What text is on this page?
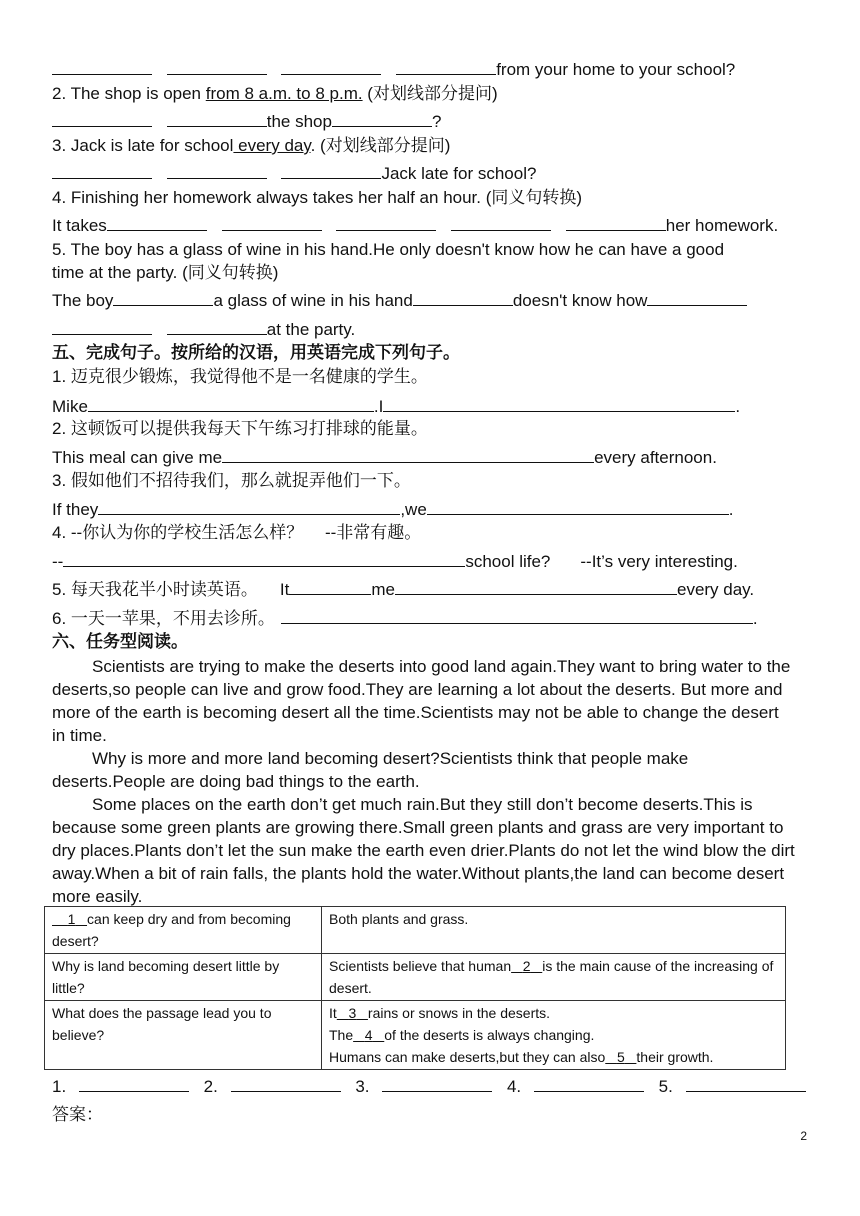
from your home to your school?
2. The shop is open from 8 a.m. to 8 p.m. (对划线部分提问)
the shop	?
3. Jack is late for school every day. (对划线部分提问)
Jack late for school?
4. Finishing her homework always takes her half an hour. (同义句转换)
It takes	her homework.
5. The boy has a glass of wine in his hand.He only doesn't know how he can have a good
time at the party. (同义句转换)
The boy	a glass of wine in his hand	doesn't know how
at the party.
五、完成句子。按所给的汉语，用英语完成下列句子。
1. 迈克很少锻炼，我觉得他不是一名健康的学生。
Mike	.I	.
2. 这顿饭可以提供我每天下午练习打排球的能量。
This meal can give me	every afternoon.
3. 假如他们不招待我们，那么就捉弄他们一下。
If they	,we	.
4. --你认为你的学校生活怎么样？　 --非常有趣。
--	school life? --It’s very interesting.
5. 每天我花半小时读英语。 It	me	every day.
6. 一天一苹果，不用去诊所。	.
六、任务型阅读。

Scientists are trying to make the deserts into good land again.They want to bring water to the deserts,so people can live and grow food.They are learning a lot about the deserts. But more and more of the earth is becoming desert all the time.Scientists may not be able to change the desert in time.

Why is more and more land becoming desert?Scientists think that people make deserts.People are doing bad things to the earth.

Some places on the earth don’t get much rain.But they still don’t become deserts.This is because some green plants are growing there.Small green plants and grass are very important to dry places.Plants don’t let the sun make the earth even drier.Plants do not let the wind blow the dirt away.When a bit of rain falls, the plants hold the water.Without plants,the land can become desert more easily.

1 can keep dry and from becoming desert?	Both plants and grass.
Why is land becoming desert little by little?	Scientists believe that human 2 is the main cause of the increasing of desert.
What does the passage lead you to believe?	It 3 rains or snows in the deserts.
The 4 of the deserts is always changing.
Humans can make deserts,but they can also 5 their growth.
1.	2.	3.	4.	5.
答案：
2
